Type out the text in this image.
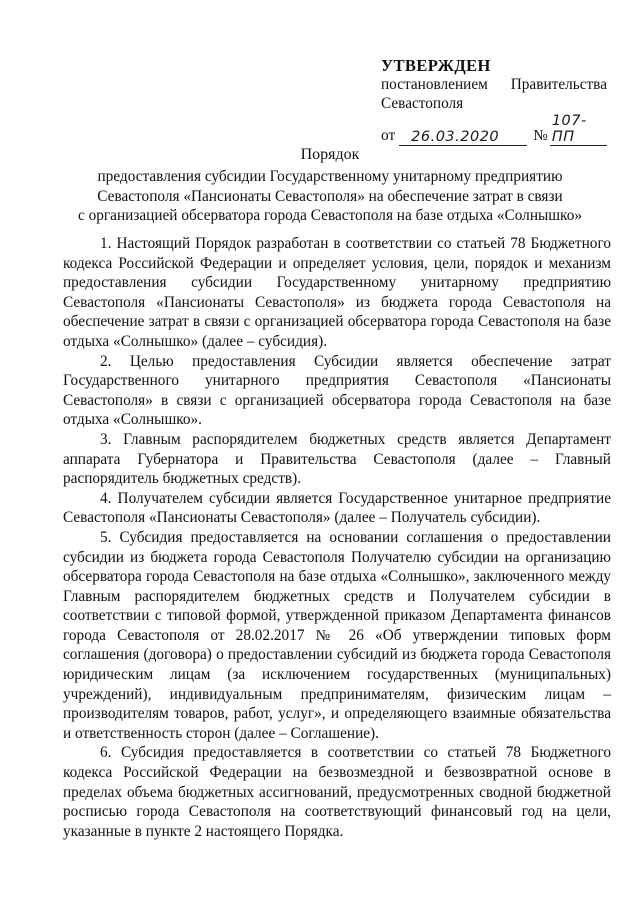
УТВЕРЖДЕН
постановлением Правительства
Севастополя
от	26.03.2020	№
107-ПП
Порядок
предоставления субсидии Государственному унитарному предприятию
Севастополя «Пансионаты Севастополя» на обеспечение затрат в связи
с организацией обсерватора города Севастополя на базе отдыха «Солнышко»

1. Настоящий Порядок разработан в соответствии со статьей 78 Бюджетного кодекса Российской Федерации и определяет условия, цели, порядок и механизм предоставления субсидии Государственному унитарному предприятию Севастополя «Пансионаты Севастополя» из бюджета города Севастополя на обеспечение затрат в связи с организацией обсерватора города Севастополя на базе отдыха «Солнышко» (далее – субсидия).

2. Целью предоставления Субсидии является обеспечение затрат Государственного унитарного предприятия Севастополя «Пансионаты Севастополя» в связи с организацией обсерватора города Севастополя на базе отдыха «Солнышко».

3. Главным распорядителем бюджетных средств является Департамент аппарата Губернатора и Правительства Севастополя (далее – Главный распорядитель бюджетных средств).

4. Получателем субсидии является Государственное унитарное предприятие Севастополя «Пансионаты Севастополя» (далее – Получатель субсидии).

5. Субсидия предоставляется на основании соглашения о предоставлении субсидии из бюджета города Севастополя Получателю субсидии на организацию обсерватора города Севастополя на базе отдыха «Солнышко», заключенного между Главным распорядителем бюджетных средств и Получателем субсидии в соответствии с типовой формой, утвержденной приказом Департамента финансов города Севастополя от 28.02.2017 № 26 «Об утверждении типовых форм соглашения (договора) о предоставлении субсидий из бюджета города Севастополя юридическим лицам (за исключением государственных (муниципальных) учреждений), индивидуальным предпринимателям, физическим лицам – производителям товаров, работ, услуг», и определяющего взаимные обязательства и ответственность сторон (далее – Соглашение).

6. Субсидия предоставляется в соответствии со статьей 78 Бюджетного кодекса Российской Федерации на безвозмездной и безвозвратной основе в пределах объема бюджетных ассигнований, предусмотренных сводной бюджетной росписью города Севастополя на соответствующий финансовый год на цели, указанные в пункте 2 настоящего Порядка.
